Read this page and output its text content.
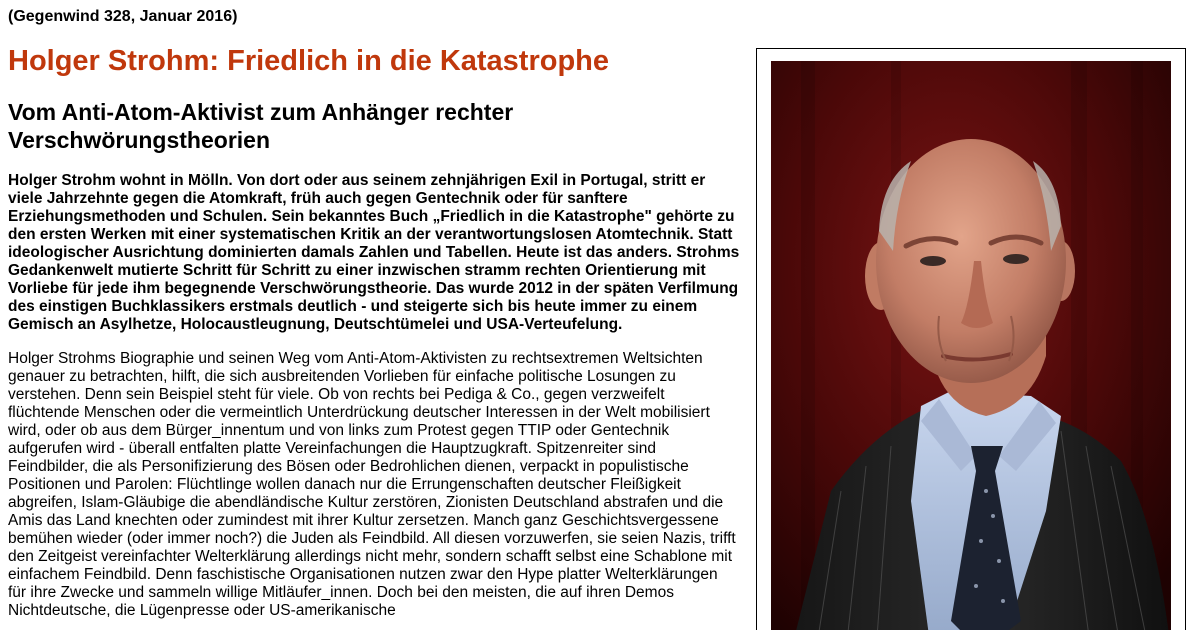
(Gegenwind 328, Januar 2016)
Holger Strohm: Friedlich in die Katastrophe
Vom Anti-Atom-Aktivist zum Anhänger rechter Verschwörungstheorien

Holger Strohm wohnt in Mölln. Von dort oder aus seinem zehnjährigen Exil in Portugal, stritt er viele Jahrzehnte gegen die Atomkraft, früh auch gegen Gentechnik oder für sanftere Erziehungsmethoden und Schulen. Sein bekanntes Buch „Friedlich in die Katastrophe" gehörte zu den ersten Werken mit einer systematischen Kritik an der verantwortungslosen Atomtechnik. Statt ideologischer Ausrichtung dominierten damals Zahlen und Tabellen. Heute ist das anders. Strohms Gedankenwelt mutierte Schritt für Schritt zu einer inzwischen stramm rechten Orientierung mit Vorliebe für jede ihm begegnende Verschwörungstheorie. Das wurde 2012 in der späten Verfilmung des einstigen Buchklassikers erstmals deutlich - und steigerte sich bis heute immer zu einem Gemisch an Asylhetze, Holocaustleugnung, Deutschtümelei und USA-Verteufelung.

Holger Strohms Biographie und seinen Weg vom Anti-Atom-Aktivisten zu rechtsextremen Weltsichten genauer zu betrachten, hilft, die sich ausbreitenden Vorlieben für einfache politische Losungen zu verstehen. Denn sein Beispiel steht für viele. Ob von rechts bei Pediga & Co., gegen verzweifelt flüchtende Menschen oder die vermeintlich Unterdrückung deutscher Interessen in der Welt mobilisiert wird, oder ob aus dem Bürger_innentum und von links zum Protest gegen TTIP oder Gentechnik aufgerufen wird - überall entfalten platte Vereinfachungen die Hauptzugkraft. Spitzenreiter sind Feindbilder, die als Personifizierung des Bösen oder Bedrohlichen dienen, verpackt in populistische Positionen und Parolen: Flüchtlinge wollen danach nur die Errungenschaften deutscher Fleißigkeit abgreifen, Islam-Gläubige die abendländische Kultur zerstören, Zionisten Deutschland abstrafen und die Amis das Land knechten oder zumindest mit ihrer Kultur zersetzen. Manch ganz Geschichtsvergessene bemühen wieder (oder immer noch?) die Juden als Feindbild. All diesen vorzuwerfen, sie seien Nazis, trifft den Zeitgeist vereinfachter Welterklärung allerdings nicht mehr, sondern schafft selbst eine Schablone mit einfachem Feindbild. Denn faschistische Organisationen nutzen zwar den Hype platter Welterklärungen für ihre Zwecke und sammeln willige Mitläufer_innen. Doch bei den meisten, die auf ihren Demos Nichtdeutsche, die Lügenpresse oder US-amerikanische
